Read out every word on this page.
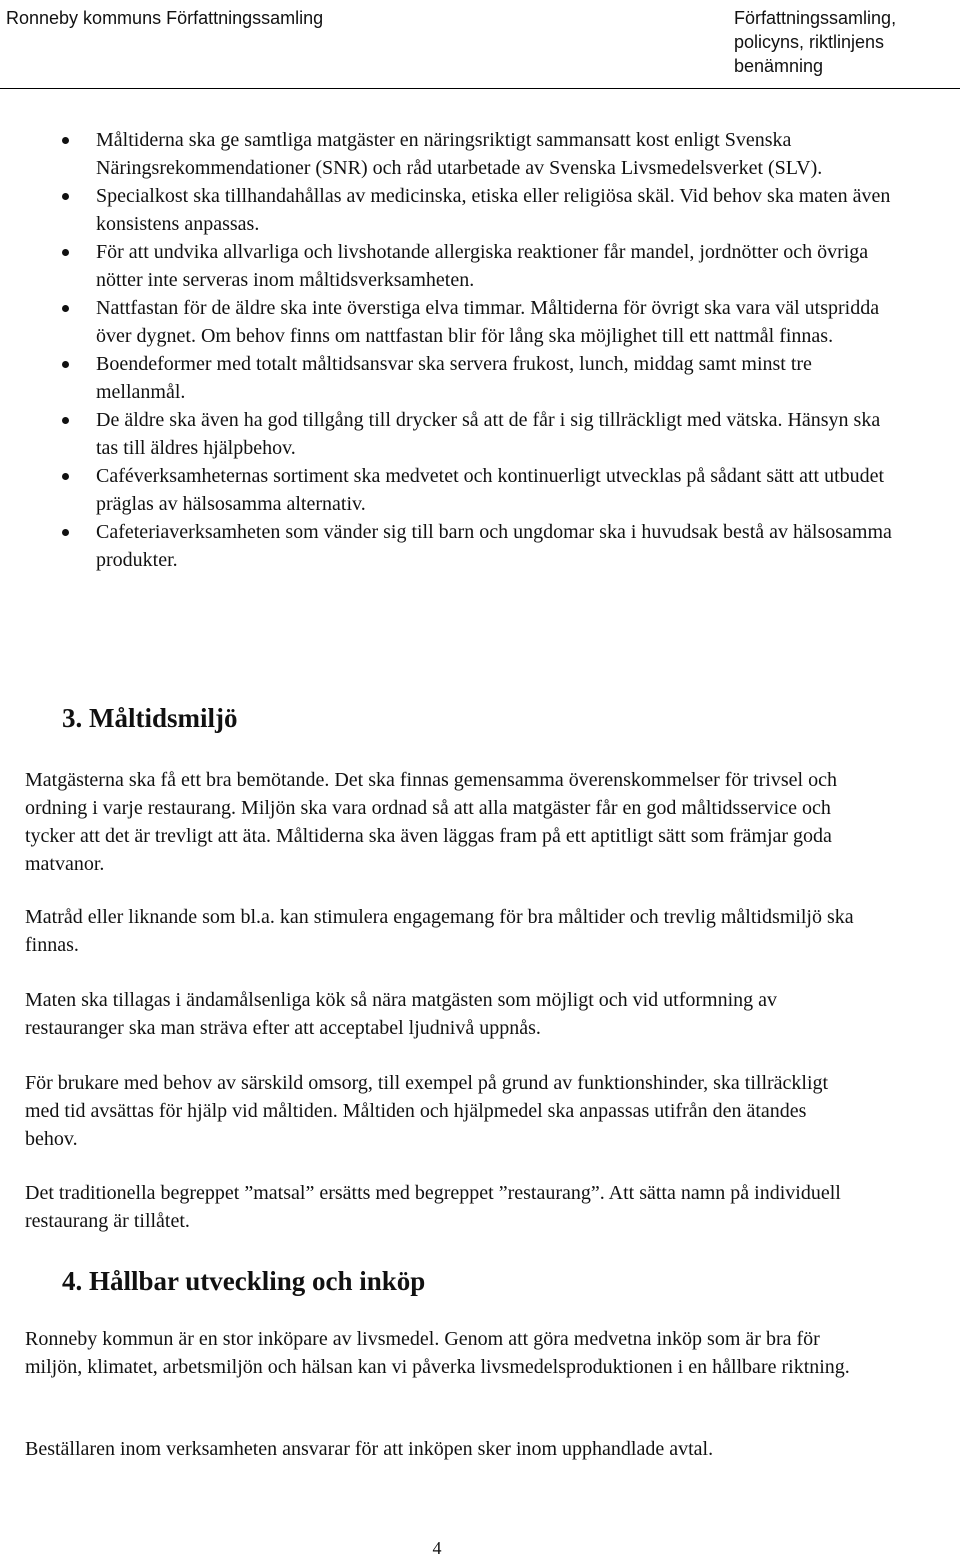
Ronneby kommuns Författningssamling	Författningssamling,
policyns, riktlinjens
benämning
Måltiderna ska ge samtliga matgäster en näringsriktigt sammansatt kost enligt Svenska Näringsrekommendationer (SNR) och råd utarbetade av Svenska Livsmedelsverket (SLV).
Specialkost ska tillhandahållas av medicinska, etiska eller religiösa skäl. Vid behov ska maten även konsistens anpassas.
För att undvika allvarliga och livshotande allergiska reaktioner får mandel, jordnötter och övriga nötter inte serveras inom måltidsverksamheten.
Nattfastan för de äldre ska inte överstiga elva timmar. Måltiderna för övrigt ska vara väl utspridda över dygnet. Om behov finns om nattfastan blir för lång ska möjlighet till ett nattmål finnas.
Boendeformer med totalt måltidsansvar ska servera frukost, lunch, middag samt minst tre mellanmål.
De äldre ska även ha god tillgång till drycker så att de får i sig tillräckligt med vätska. Hänsyn ska tas till äldres hjälpbehov.
Caféverksamheternas sortiment ska medvetet och kontinuerligt utvecklas på sådant sätt att utbudet präglas av hälsosamma alternativ.
Cafeteriaverksamheten som vänder sig till barn och ungdomar ska i huvudsak bestå av hälsosamma produkter.
3. Måltidsmiljö

Matgästerna ska få ett bra bemötande. Det ska finnas gemensamma överenskommelser för trivsel och ordning i varje restaurang. Miljön ska vara ordnad så att alla matgäster får en god måltidsservice och tycker att det är trevligt att äta. Måltiderna ska även läggas fram på ett aptitligt sätt som främjar goda matvanor.

Matråd eller liknande som bl.a. kan stimulera engagemang för bra måltider och trevlig måltidsmiljö ska finnas.

Maten ska tillagas i ändamålsenliga kök så nära matgästen som möjligt och vid utformning av restauranger ska man sträva efter att acceptabel ljudnivå uppnås.

För brukare med behov av särskild omsorg, till exempel på grund av funktionshinder, ska tillräckligt med tid avsättas för hjälp vid måltiden. Måltiden och hjälpmedel ska anpassas utifrån den ätandes behov.

Det traditionella begreppet ”matsal” ersätts med begreppet ”restaurang”. Att sätta namn på individuell restaurang är tillåtet.

4. Hållbar utveckling och inköp

Ronneby kommun är en stor inköpare av livsmedel. Genom att göra medvetna inköp som är bra för miljön, klimatet, arbetsmiljön och hälsan kan vi påverka livsmedelsproduktionen i en hållbare riktning.

Beställaren inom verksamheten ansvarar för att inköpen sker inom upphandlade avtal.

4
